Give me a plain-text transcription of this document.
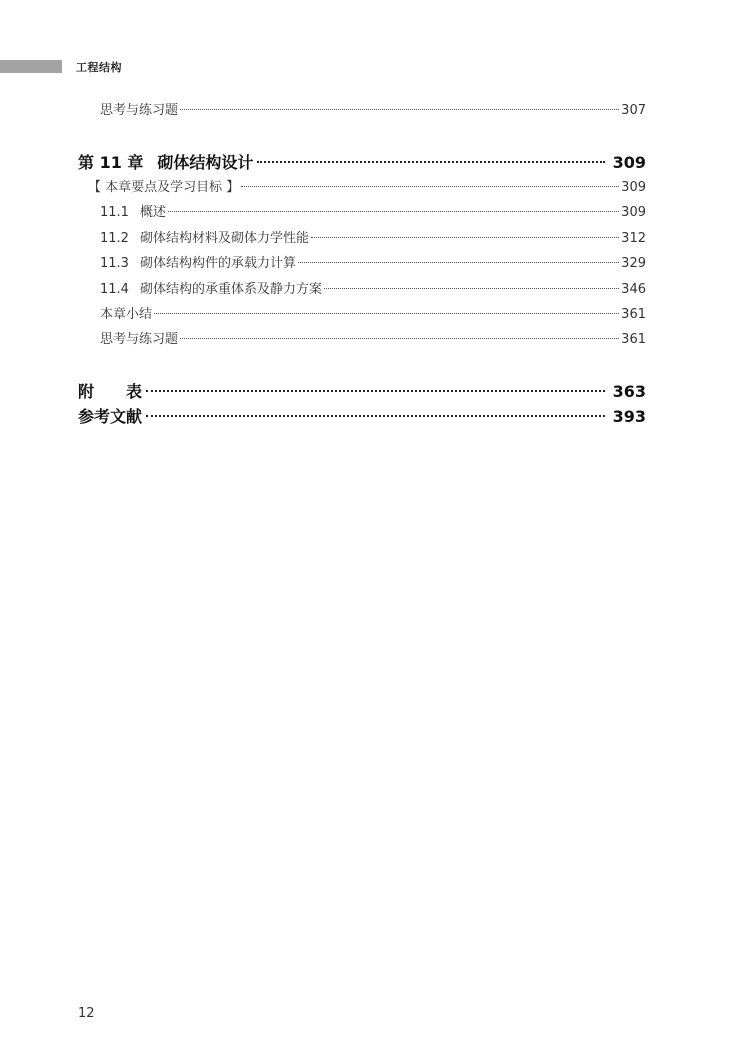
工程结构
思考与练习题	307
第 11 章 砌体结构设计	309
【 本章要点及学习目标 】	309
11.1 概述	309
11.2 砌体结构材料及砌体力学性能	312
11.3 砌体结构构件的承载力计算	329
11.4 砌体结构的承重体系及静力方案	346
本章小结	361
思考与练习题	361
附　　表	363
参考文献	393
12
